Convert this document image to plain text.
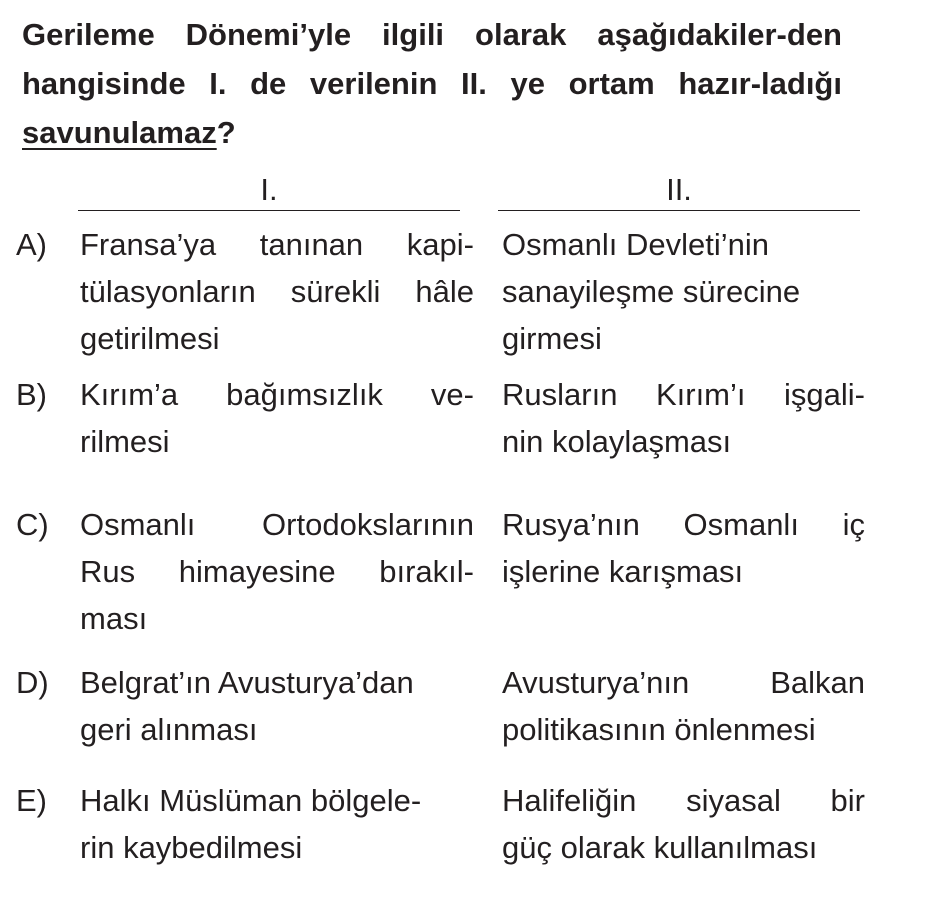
Gerileme Dönemi’yle ilgili olarak aşağıdakiler-den hangisinde I. de verilenin II. ye ortam hazır-ladığı savunulamaz?
I.	II.
A) Fransa’ya tanınan kapi-
tülasyonların sürekli hâle
getirilmesi
Osmanlı Devleti’nin
sanayileşme sürecine
girmesi
B) Kırım’a bağımsızlık ve-
rilmesi
Rusların Kırım’ı işgali-
nin kolaylaşması
C) Osmanlı Ortodokslarının
Rus himayesine bırakıl-
ması
Rusya’nın Osmanlı iç
işlerine karışması
D) Belgrat’ın Avusturya’dan
geri alınması
Avusturya’nın Balkan
politikasının önlenmesi
E) Halkı Müslüman bölgele-
rin kaybedilmesi
Halifeliğin siyasal bir
güç olarak kullanılması
